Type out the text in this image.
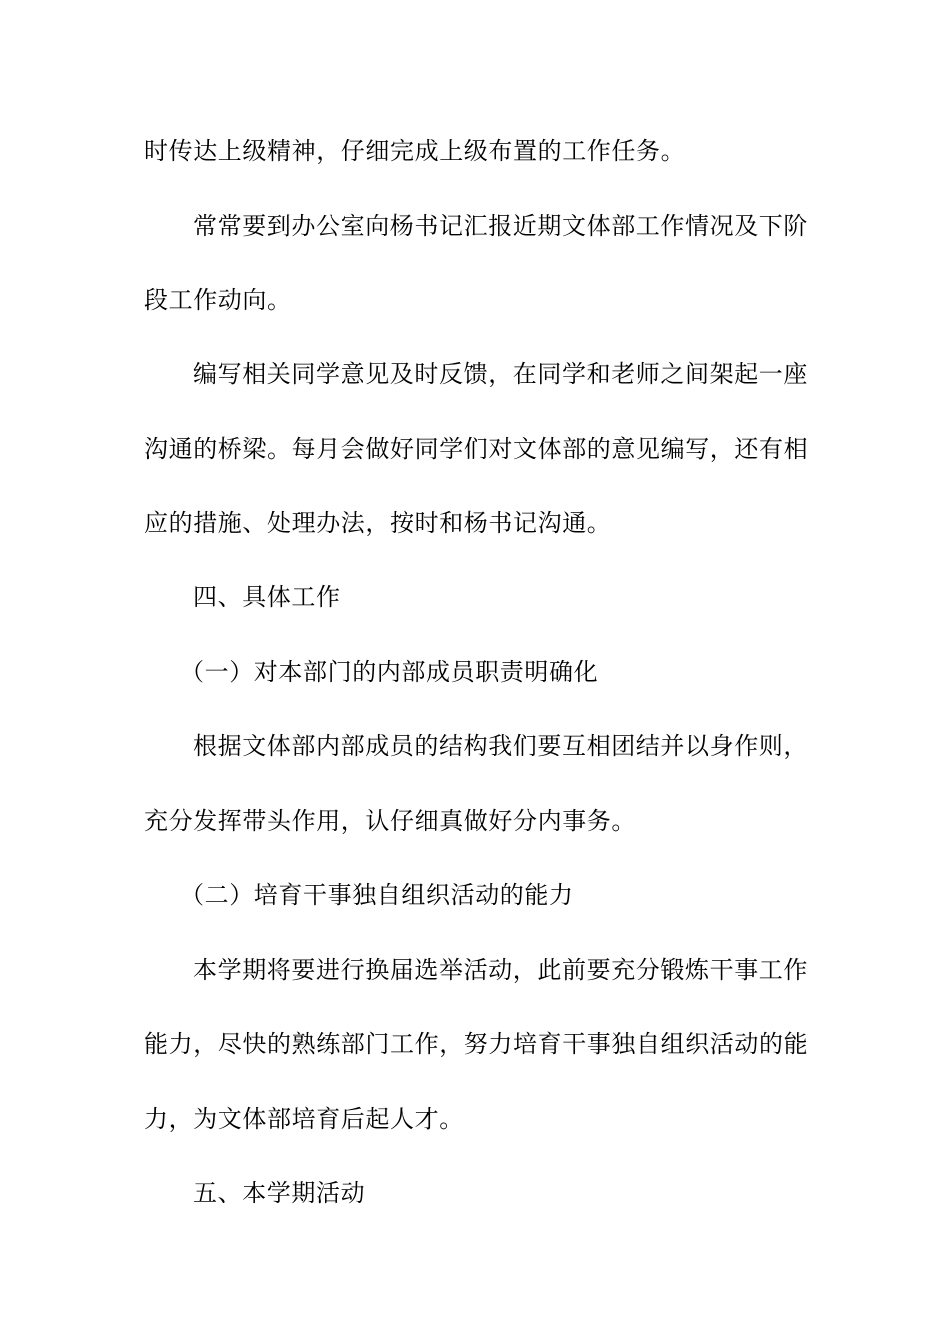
时传达上级精神，仔细完成上级布置的工作任务。
常常要到办公室向杨书记汇报近期文体部工作情况及下阶
段工作动向。
编写相关同学意见及时反馈，在同学和老师之间架起一座
沟通的桥梁。每月会做好同学们对文体部的意见编写，还有相
应的措施、处理办法，按时和杨书记沟通。
四、具体工作
（一）对本部门的内部成员职责明确化
根据文体部内部成员的结构我们要互相团结并以身作则，
充分发挥带头作用，认仔细真做好分内事务。
（二）培育干事独自组织活动的能力
本学期将要进行换届选举活动，此前要充分锻炼干事工作
能力，尽快的熟练部门工作，努力培育干事独自组织活动的能
力，为文体部培育后起人才。
五、本学期活动
